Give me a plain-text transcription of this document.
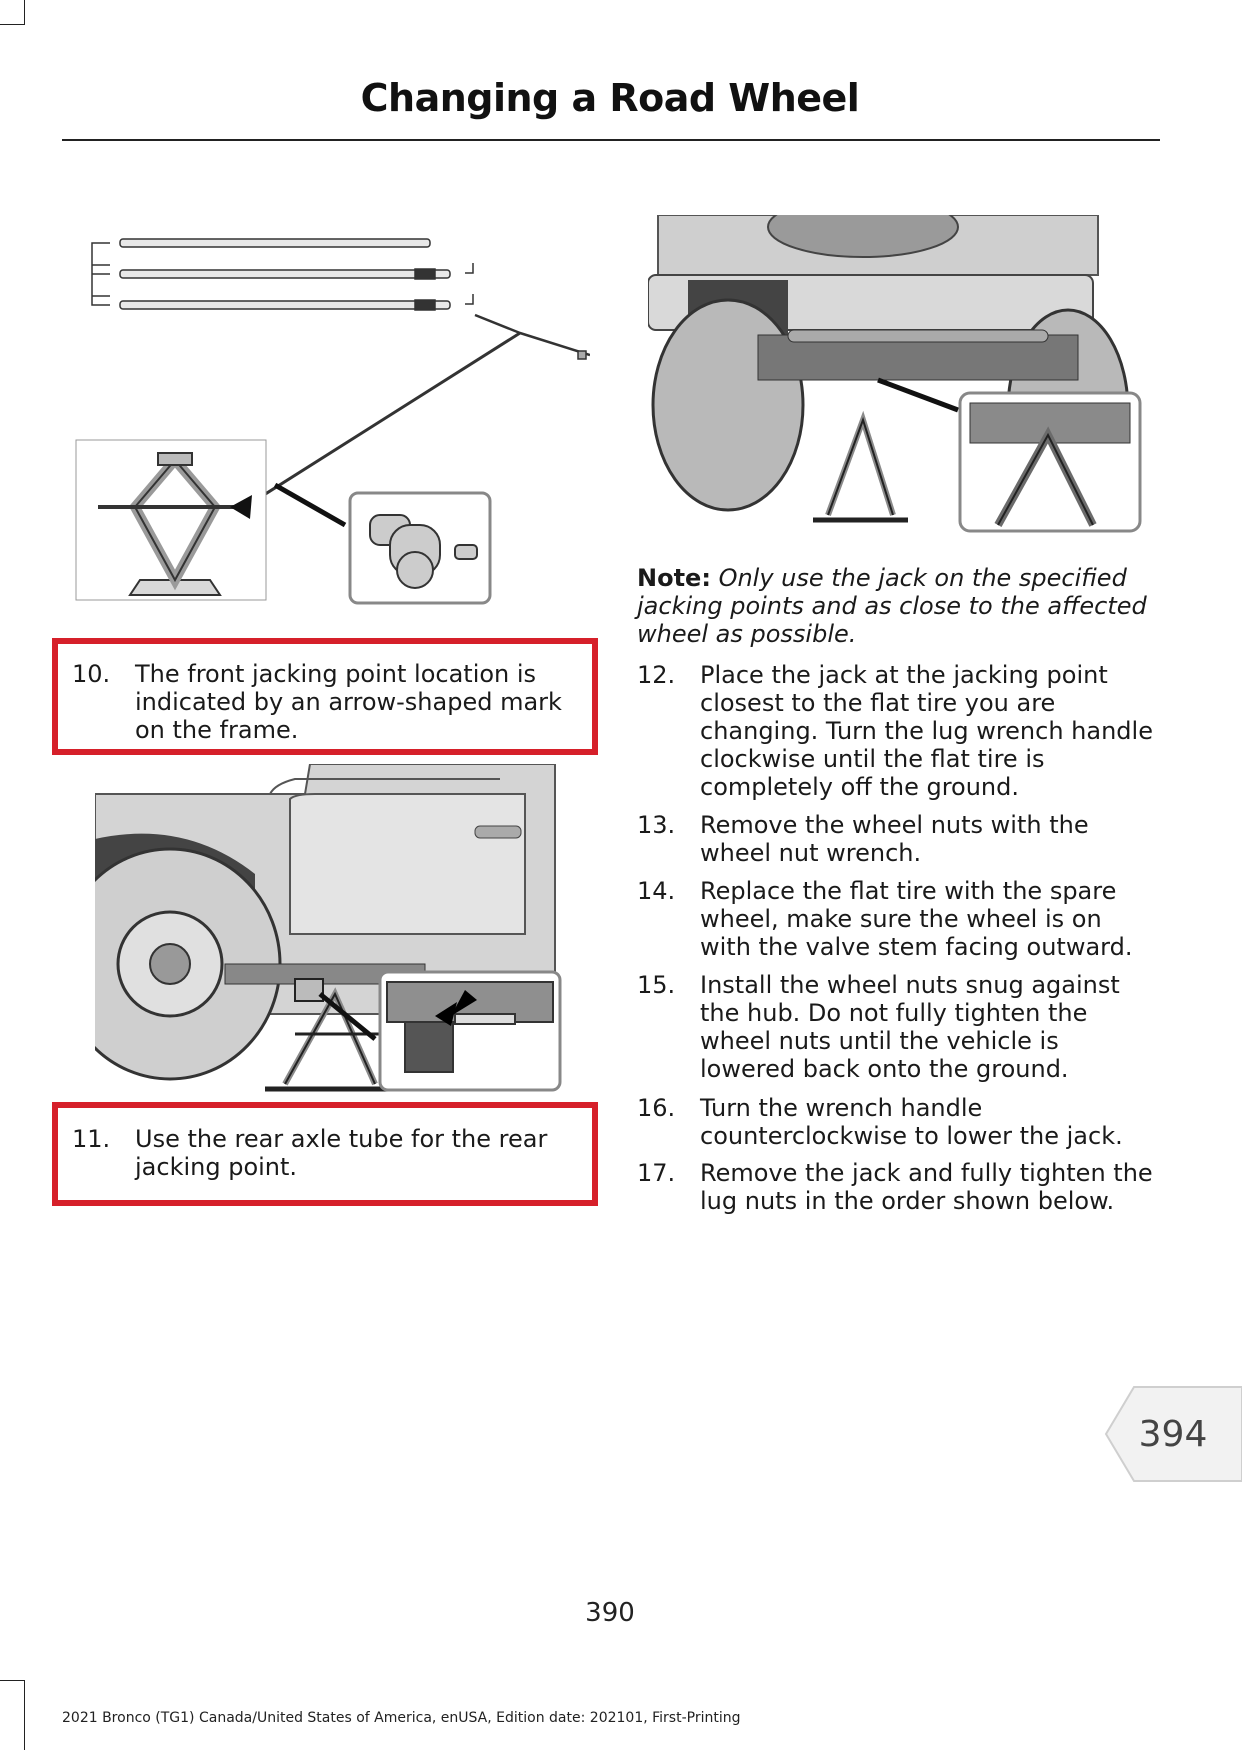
Changing a Road Wheel
10. The front jacking point location is indicated by an arrow-shaped mark on the frame.
11. Use the rear axle tube for the rear jacking point.
Note: Only use the jack on the specified jacking points and as close to the affected wheel as possible.
12. Place the jack at the jacking point closest to the flat tire you are changing. Turn the lug wrench handle clockwise until the flat tire is completely off the ground.
13. Remove the wheel nuts with the wheel nut wrench.
14. Replace the flat tire with the spare wheel, make sure the wheel is on with the valve stem facing outward.
15. Install the wheel nuts snug against the hub. Do not fully tighten the wheel nuts until the vehicle is lowered back onto the ground.
16. Turn the wrench handle counterclockwise to lower the jack.
17. Remove the jack and fully tighten the lug nuts in the order shown below.
394
390
2021 Bronco (TG1) Canada/United States of America, enUSA, Edition date: 202101, First-Printing
